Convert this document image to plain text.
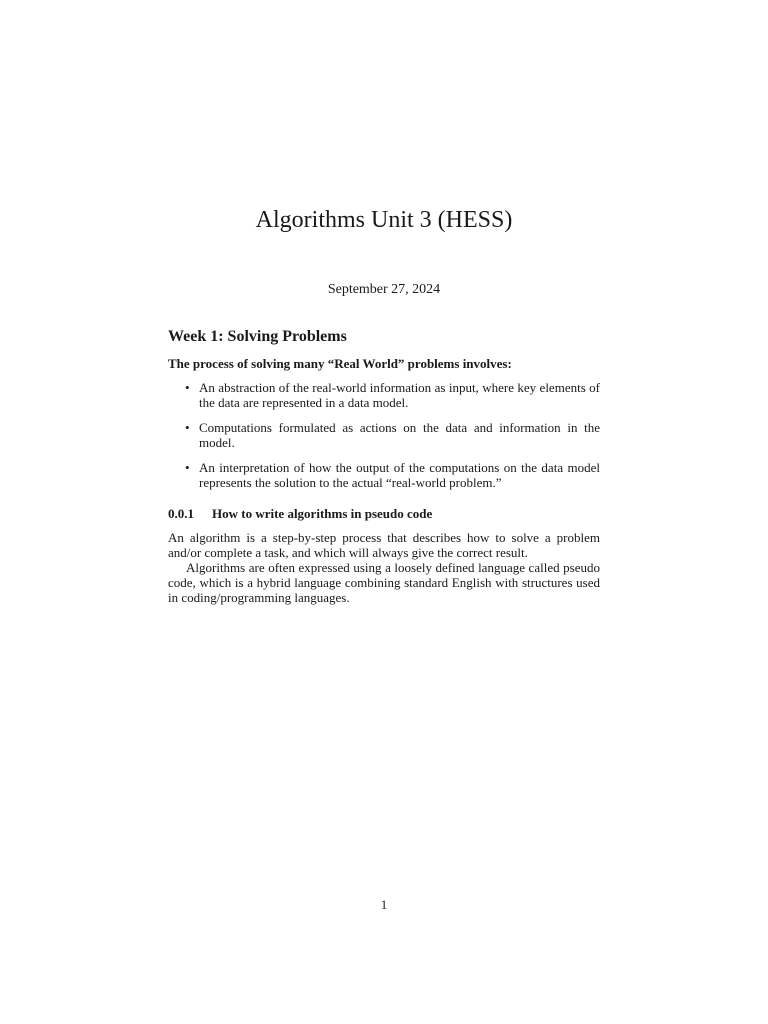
Algorithms Unit 3 (HESS)
September 27, 2024
Week 1: Solving Problems

The process of solving many “Real World” problems involves:

• An abstraction of the real-world information as input, where key elements of the data are represented in a data model.
• Computations formulated as actions on the data and information in the model.
• An interpretation of how the output of the computations on the data model represents the solution to the actual “real-world problem.”
0.0.1 How to write algorithms in pseudo code

An algorithm is a step-by-step process that describes how to solve a problem and/or complete a task, and which will always give the correct result.

Algorithms are often expressed using a loosely defined language called pseudo code, which is a hybrid language combining standard English with structures used in coding/programming languages.

1
